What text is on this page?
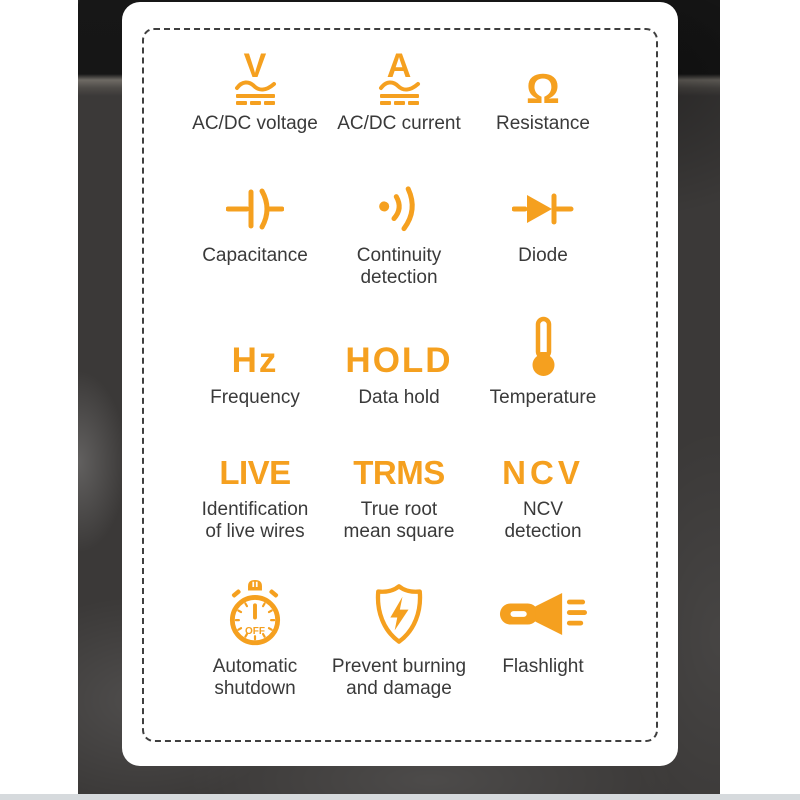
V
AC/DC voltage
A
AC/DC current
Ω
Resistance
Capacitance	Continuity
detection
Diode
Hz
Frequency
HOLD
Data hold	Temperature
LIVE
Identification
of live wires
TRMS
True root
mean square
NCV
NCV
detection
OFF
Automatic
shutdown
Prevent burning
and damage
Flashlight
